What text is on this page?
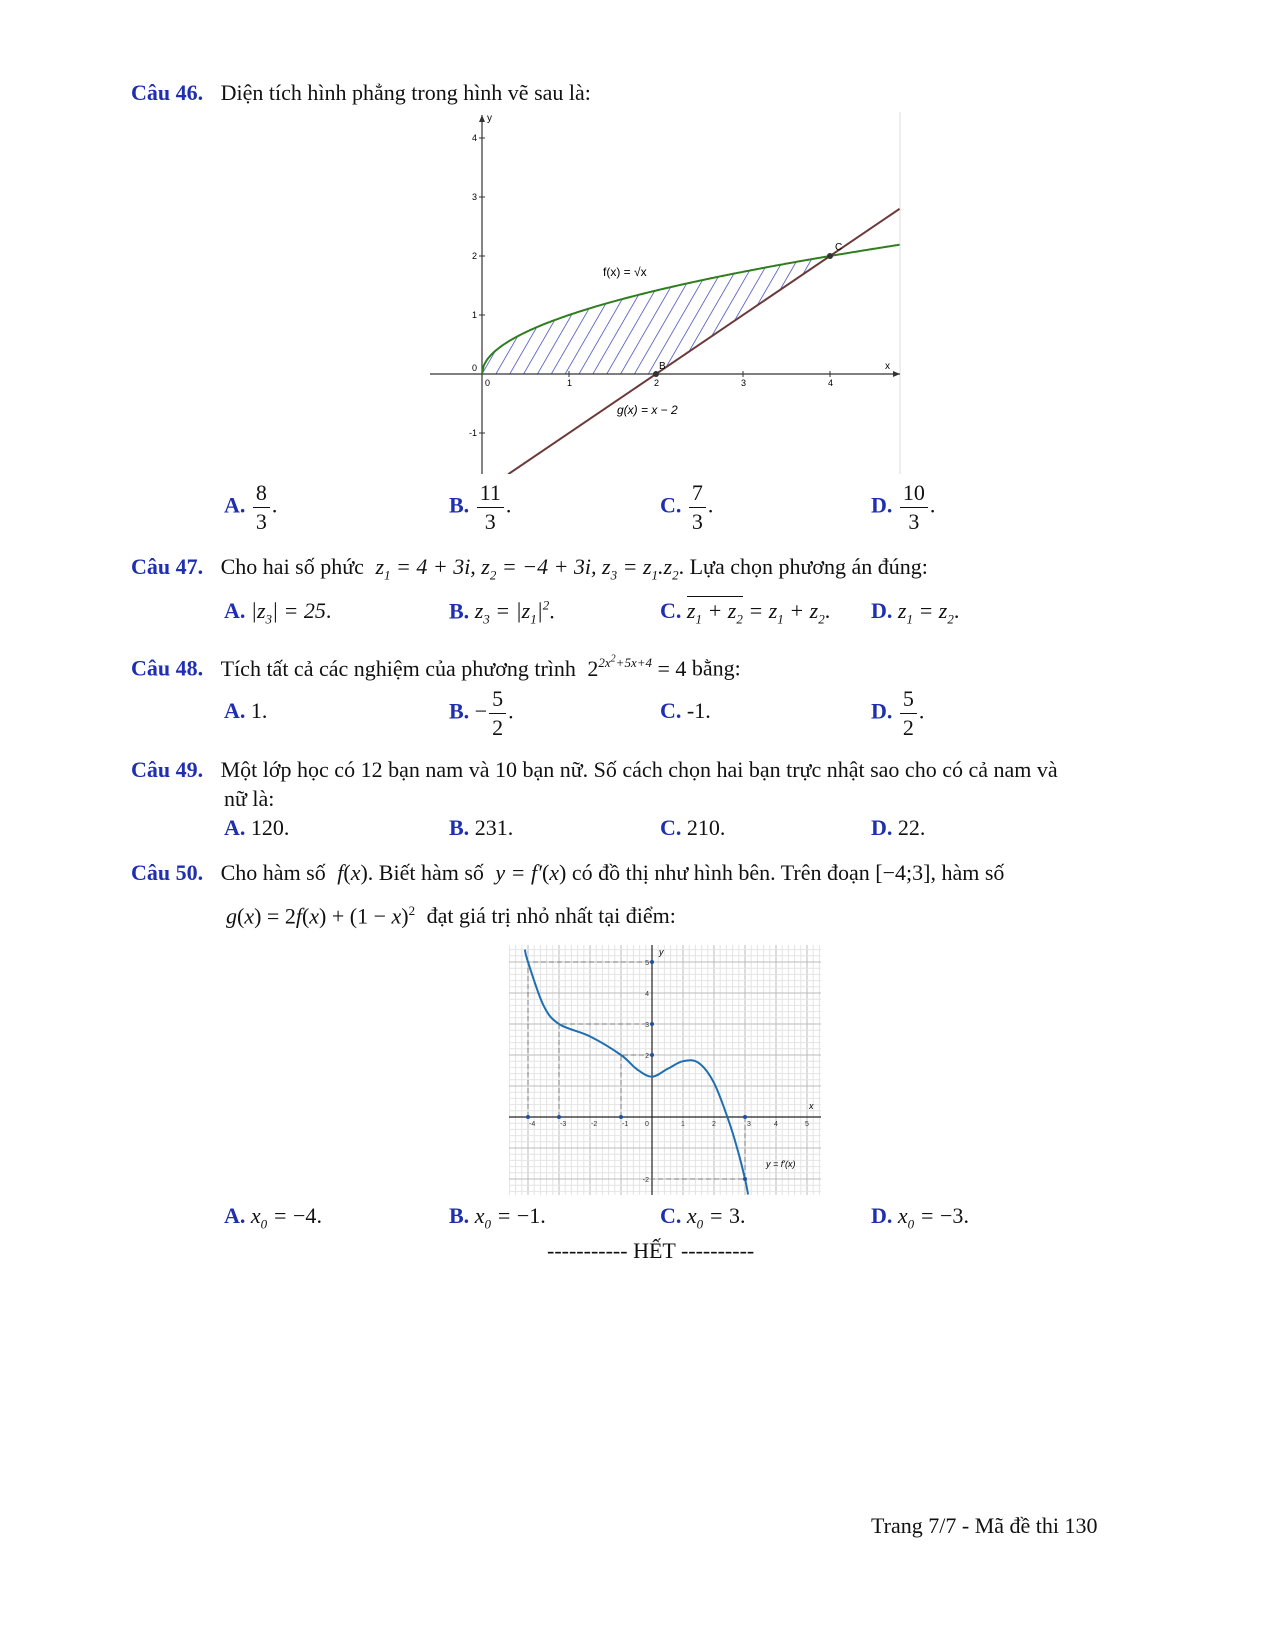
Câu 46. Diện tích hình phẳng trong hình vẽ sau là:
y
x
0	1	2	3	4
4
3
2
1
0
-1
B
C
f(x) = √x
g(x) = x − 2
A. $\frac{8}{3}$ .	B. $\frac{11}{3}$ .	C. $\frac{7}{3}$ .	D. $\frac{10}{3}$ .
Câu 47. Cho hai số phức $z_1 = 4 + 3i$, $z_2 = -4 + 3i$, $z_3 = z_1.z_2$. Lựa chọn phương án đúng:
A. $|z_3| = 25$.	B. $z_3 = |z_1|^2$.	C. $z_1 + z_2 = z_1 + z_2$. D. $z_1 = z_2$.
Câu 48. Tích tất cả các nghiệm của phương trình $2^{2x^2+5x+4} = 4$ bằng:
A. 1.	B. − $\frac{5}{2}$ .	C. -1.	D. $\frac{5}{2}$ .
Câu 49. Một lớp học có 12 bạn nam và 10 bạn nữ. Số cách chọn hai bạn trực nhật sao cho có cả nam và
nữ là:
A. 120.	B. 231.	C. 210.	D. 22.
Câu 50. Cho hàm số f(x). Biết hàm số y = f′(x) có đồ thị như hình bên. Trên đoạn [−4;3], hàm số
$g(x) = 2f(x) + (1 - x)^2$ đạt giá trị nhỏ nhất tại điểm:
y
x
-4	-3	-2	-1 0	1	2	3	4	5
5
4
3
2
-2
y = f'(x)
A. $x_0 = -4$.	B. $x_0 = -1$.	C. $x_0 = 3$.	D. $x_0 = -3$.
----------- HẾT ----------
Trang 7/7 - Mã đề thi 130
